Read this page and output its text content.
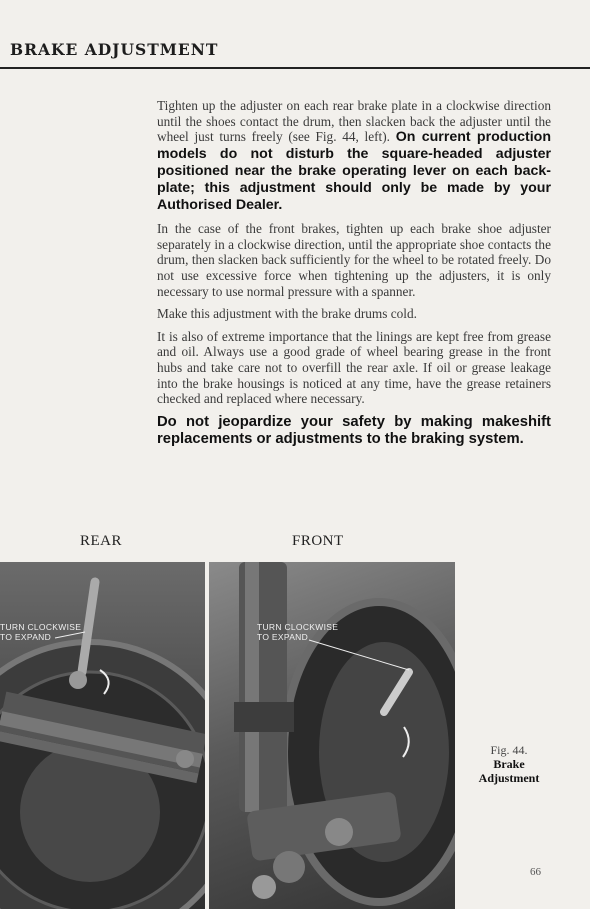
BRAKE ADJUSTMENT

Tighten up the adjuster on each rear brake plate in a clockwise direction until the shoes contact the drum, then slacken back the adjuster until the wheel just turns freely (see Fig. 44, left). On current production models do not disturb the square-headed adjuster positioned near the brake operating lever on each back-plate; this adjustment should only be made by your Authorised Dealer.

In the case of the front brakes, tighten up each brake shoe adjuster separately in a clockwise direction, until the appropriate shoe contacts the drum, then slacken back sufficiently for the wheel to be rotated freely. Do not use excessive force when tightening up the adjusters, it is only necessary to use normal pressure with a spanner.

Make this adjustment with the brake drums cold.

It is also of extreme importance that the linings are kept free from grease and oil. Always use a good grade of wheel bearing grease in the front hubs and take care not to overfill the rear axle. If oil or grease leakage into the brake housings is noticed at any time, have the grease retainers checked and replaced where necessary.

Do not jeopardize your safety by making makeshift replacements or adjustments to the braking system.

REAR	FRONT
TURN CLOCKWISE
TO EXPAND
TURN CLOCKWISE
TO EXPAND
Fig. 44.
Brake
Adjustment
66
